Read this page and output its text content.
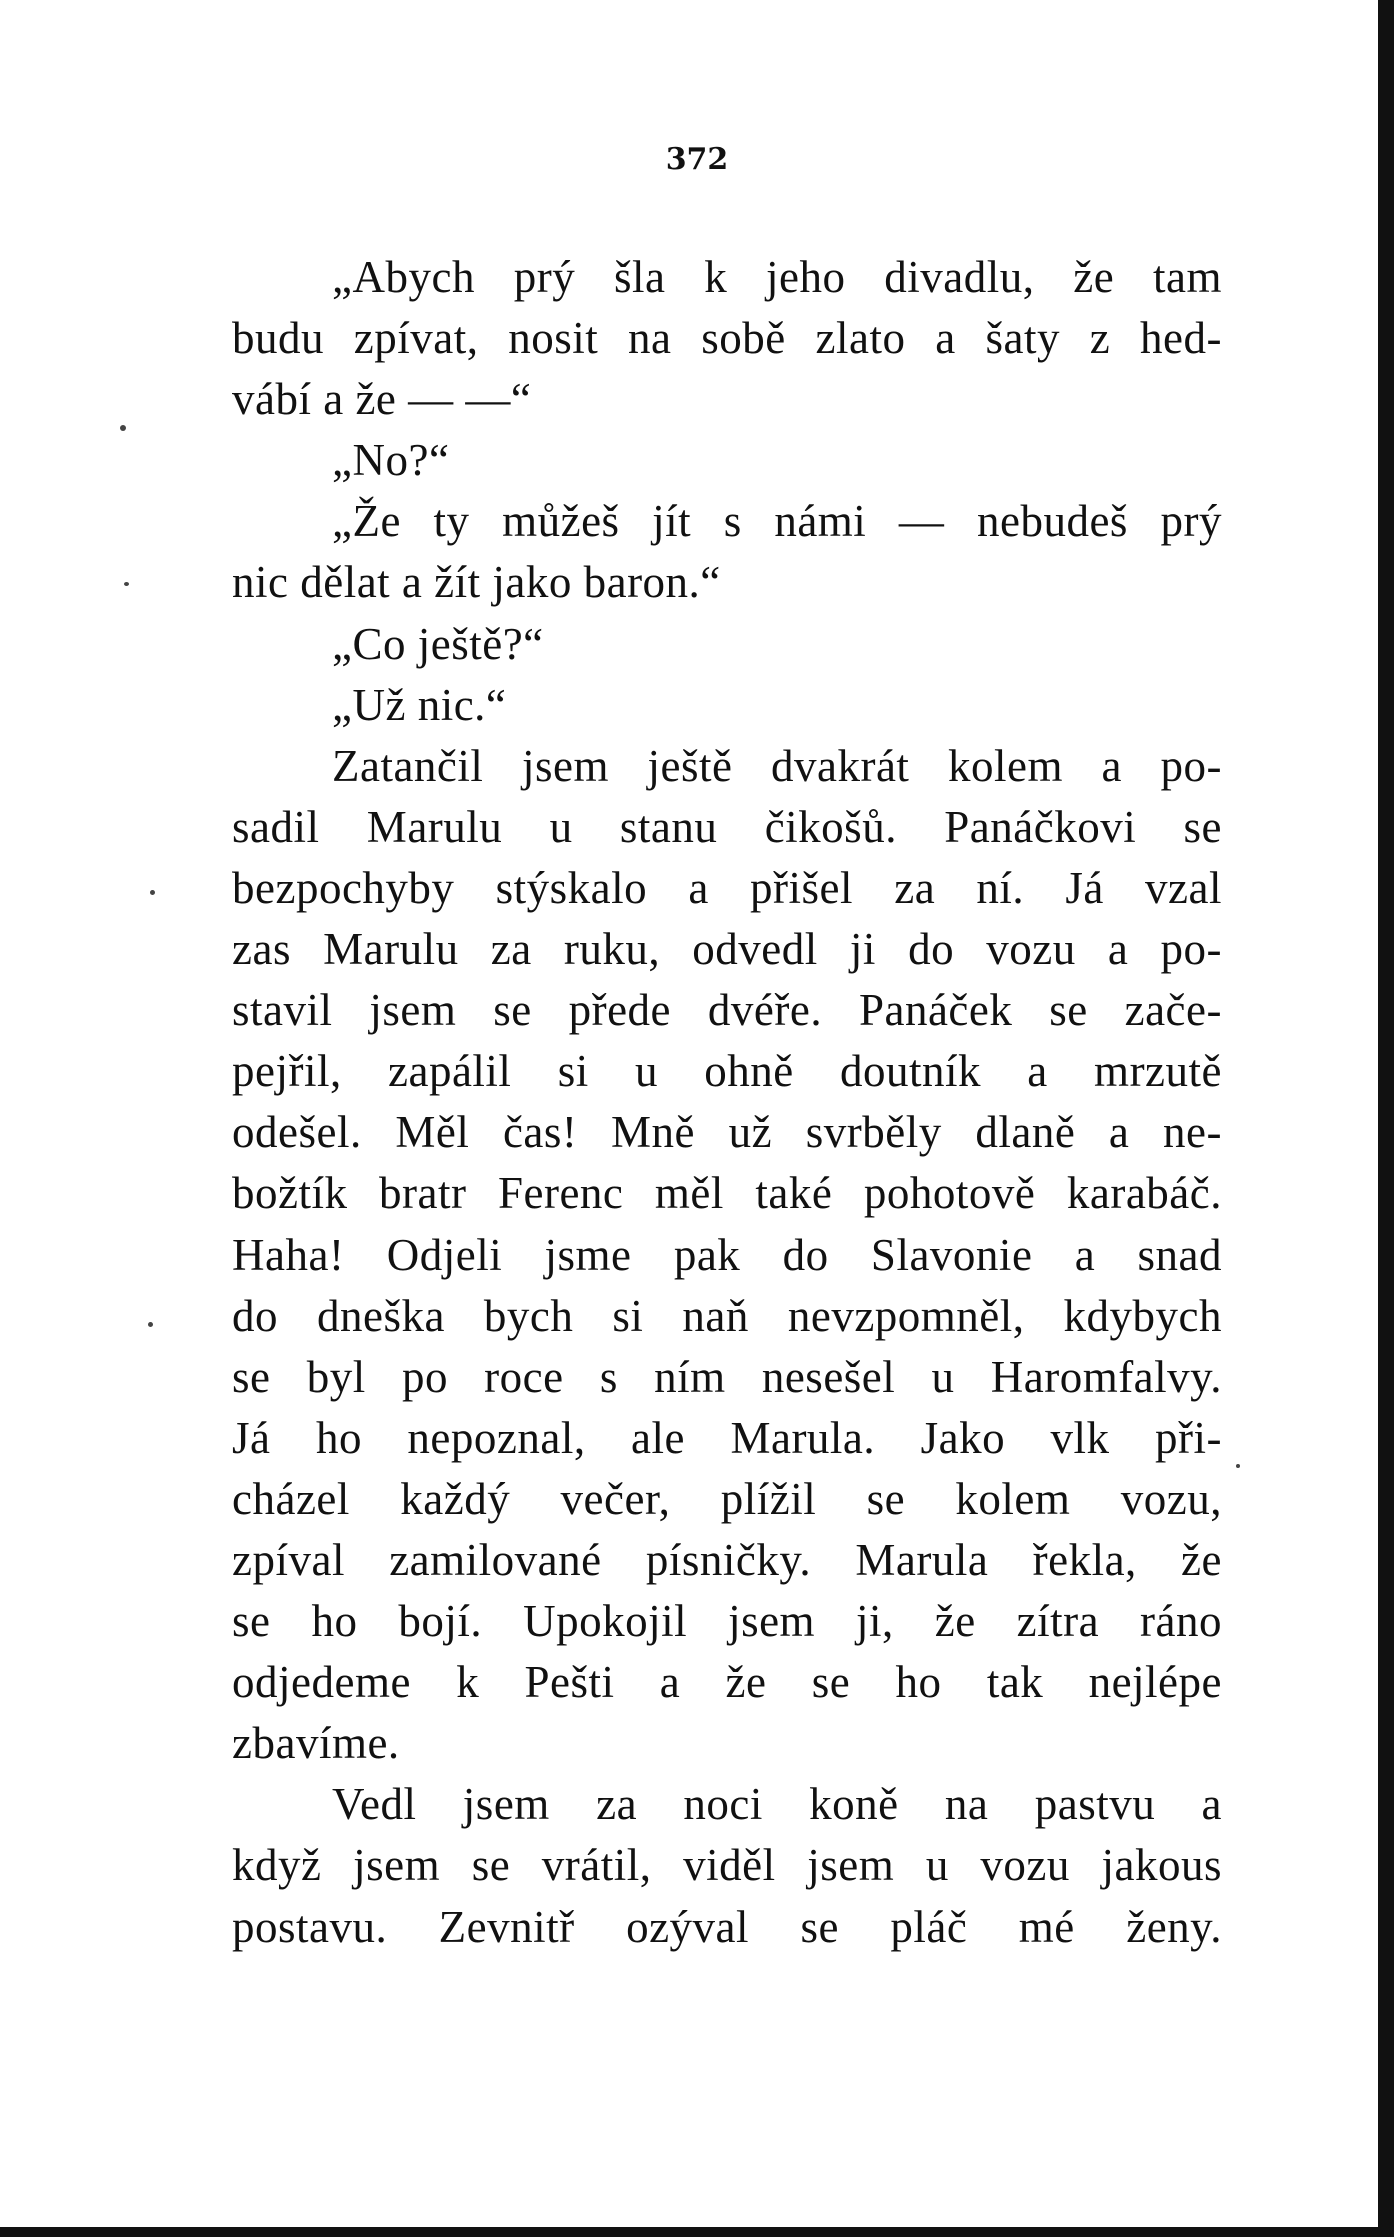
372
„Abych prý šla k jeho divadlu, že tam
budu zpívat, nosit na sobě zlato a šaty z hed-
vábí a že — —“
„No?“
„Že ty můžeš jít s námi — nebudeš prý
nic dělat a žít jako baron.“
„Co ještě?“
„Už nic.“
Zatančil jsem ještě dvakrát kolem a po-
sadil Marulu u stanu čikošů. Panáčkovi se
bezpochyby stýskalo a přišel za ní. Já vzal
zas Marulu za ruku, odvedl ji do vozu a po-
stavil jsem se přede dvéře. Panáček se zače-
pejřil, zapálil si u ohně doutník a mrzutě
odešel. Měl čas! Mně už svrběly dlaně a ne-
božtík bratr Ferenc měl také pohotově karabáč.
Haha! Odjeli jsme pak do Slavonie a snad
do dneška bych si naň nevzpomněl, kdybych
se byl po roce s ním nesešel u Haromfalvy.
Já ho nepoznal, ale Marula. Jako vlk při-
cházel každý večer, plížil se kolem vozu,
zpíval zamilované písničky. Marula řekla, že
se ho bojí. Upokojil jsem ji, že zítra ráno
odjedeme k Pešti a že se ho tak nejlépe
zbavíme.
Vedl jsem za noci koně na pastvu a
když jsem se vrátil, viděl jsem u vozu jakous
postavu. Zevnitř ozýval se pláč mé ženy.
